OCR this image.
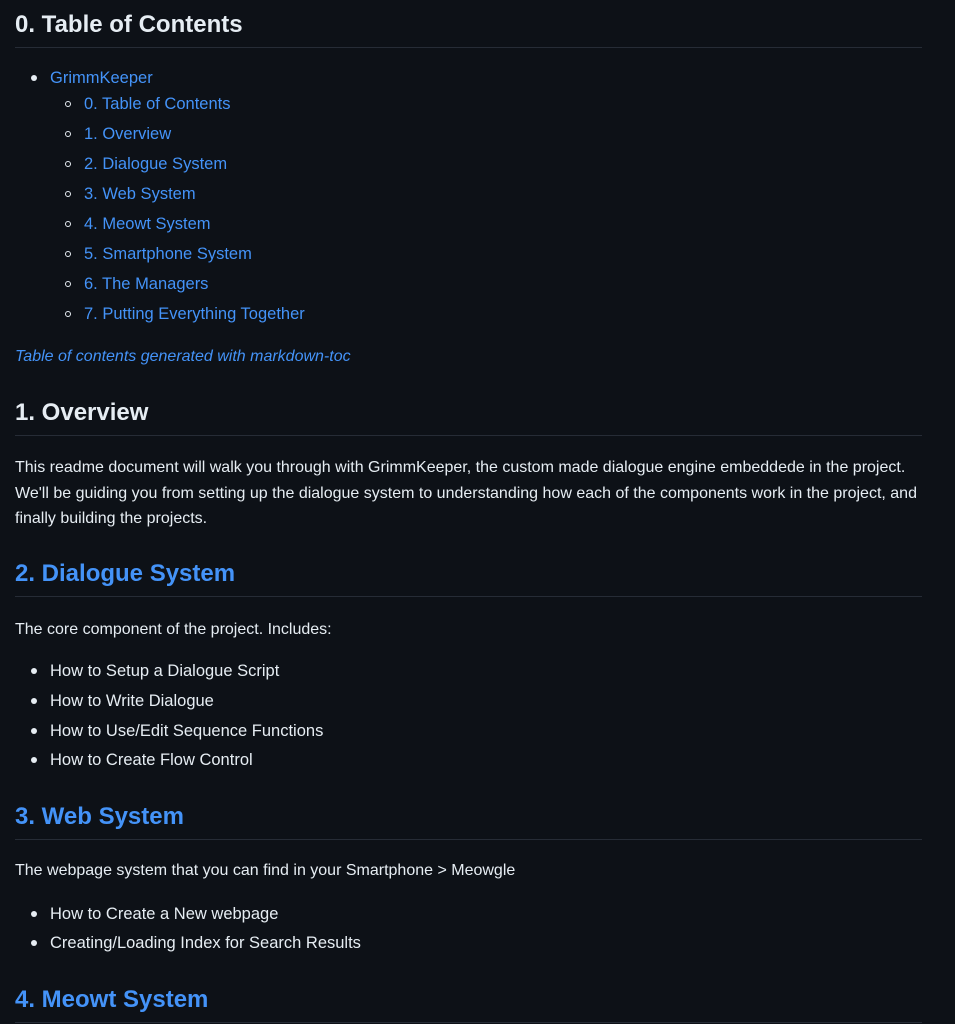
0. Table of Contents
GrimmKeeper
0. Table of Contents
1. Overview
2. Dialogue System
3. Web System
4. Meowt System
5. Smartphone System
6. The Managers
7. Putting Everything Together
Table of contents generated with markdown-toc
1. Overview

This readme document will walk you through with GrimmKeeper, the custom made dialogue engine embeddede in the project. We'll be guiding you from setting up the dialogue system to understanding how each of the components work in the project, and finally building the projects.

2. Dialogue System

The core component of the project. Includes:

How to Setup a Dialogue Script
How to Write Dialogue
How to Use/Edit Sequence Functions
How to Create Flow Control
3. Web System

The webpage system that you can find in your Smartphone > Meowgle

How to Create a New webpage
Creating/Loading Index for Search Results
4. Meowt System
